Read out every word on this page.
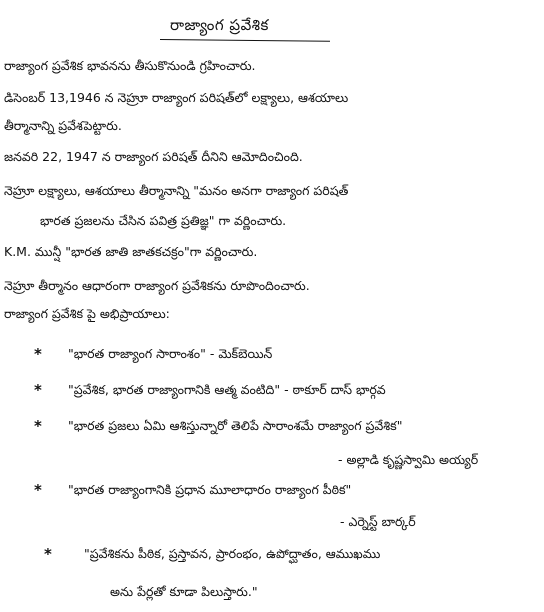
రాజ్యాంగ ప్రవేశిక
రాజ్యాంగ ప్రవేశిక భావనను తీసుకొనుండి గ్రహించారు.
డిసెంబర్ 13,1946 న నెహ్రూ రాజ్యాంగ పరిషత్‌లో లక్ష్యాలు, ఆశయాలు
తీర్మానాన్ని ప్రవేశపెట్టారు.
జనవరి 22, 1947 న రాజ్యాంగ పరిషత్ దీనిని ఆమోదించింది.
నెహ్రూ లక్ష్యాలు, ఆశయాలు తీర్మానాన్ని "మనం అనగా రాజ్యాంగ పరిషత్
భారత ప్రజలను చేసిన పవిత్ర ప్రతిజ్ఞ" గా వర్ణించారు.
K.M. మున్షీ "భారత జాతి జాతకచక్రం"గా వర్ణించారు.
నెహ్రూ తీర్మానం ఆధారంగా రాజ్యాంగ ప్రవేశికను రూపొందించారు.
రాజ్యాంగ ప్రవేశిక పై అభిప్రాయాలు:
* "భారత రాజ్యాంగ సారాంశం" - మెక్‌బెయిన్
* "ప్రవేశిక, భారత రాజ్యాంగానికి ఆత్మ వంటిది" - ఠాకూర్ దాస్ భార్గవ
* "భారత ప్రజలు ఏమి ఆశిస్తున్నారో తెలిపే సారాంశమే రాజ్యాంగ ప్రవేశిక"
- అల్లాడి కృష్ణస్వామి అయ్యర్
* "భారత రాజ్యాంగానికి ప్రధాన మూలాధారం రాజ్యాంగ పీఠిక"
- ఎర్నెస్ట్ బార్కర్
*	"ప్రవేశికను పీఠిక, ప్రస్తావన, ప్రారంభం, ఉపోద్ఘాతం, ఆముఖము
అను పేర్లతో కూడా పిలుస్తారు."
